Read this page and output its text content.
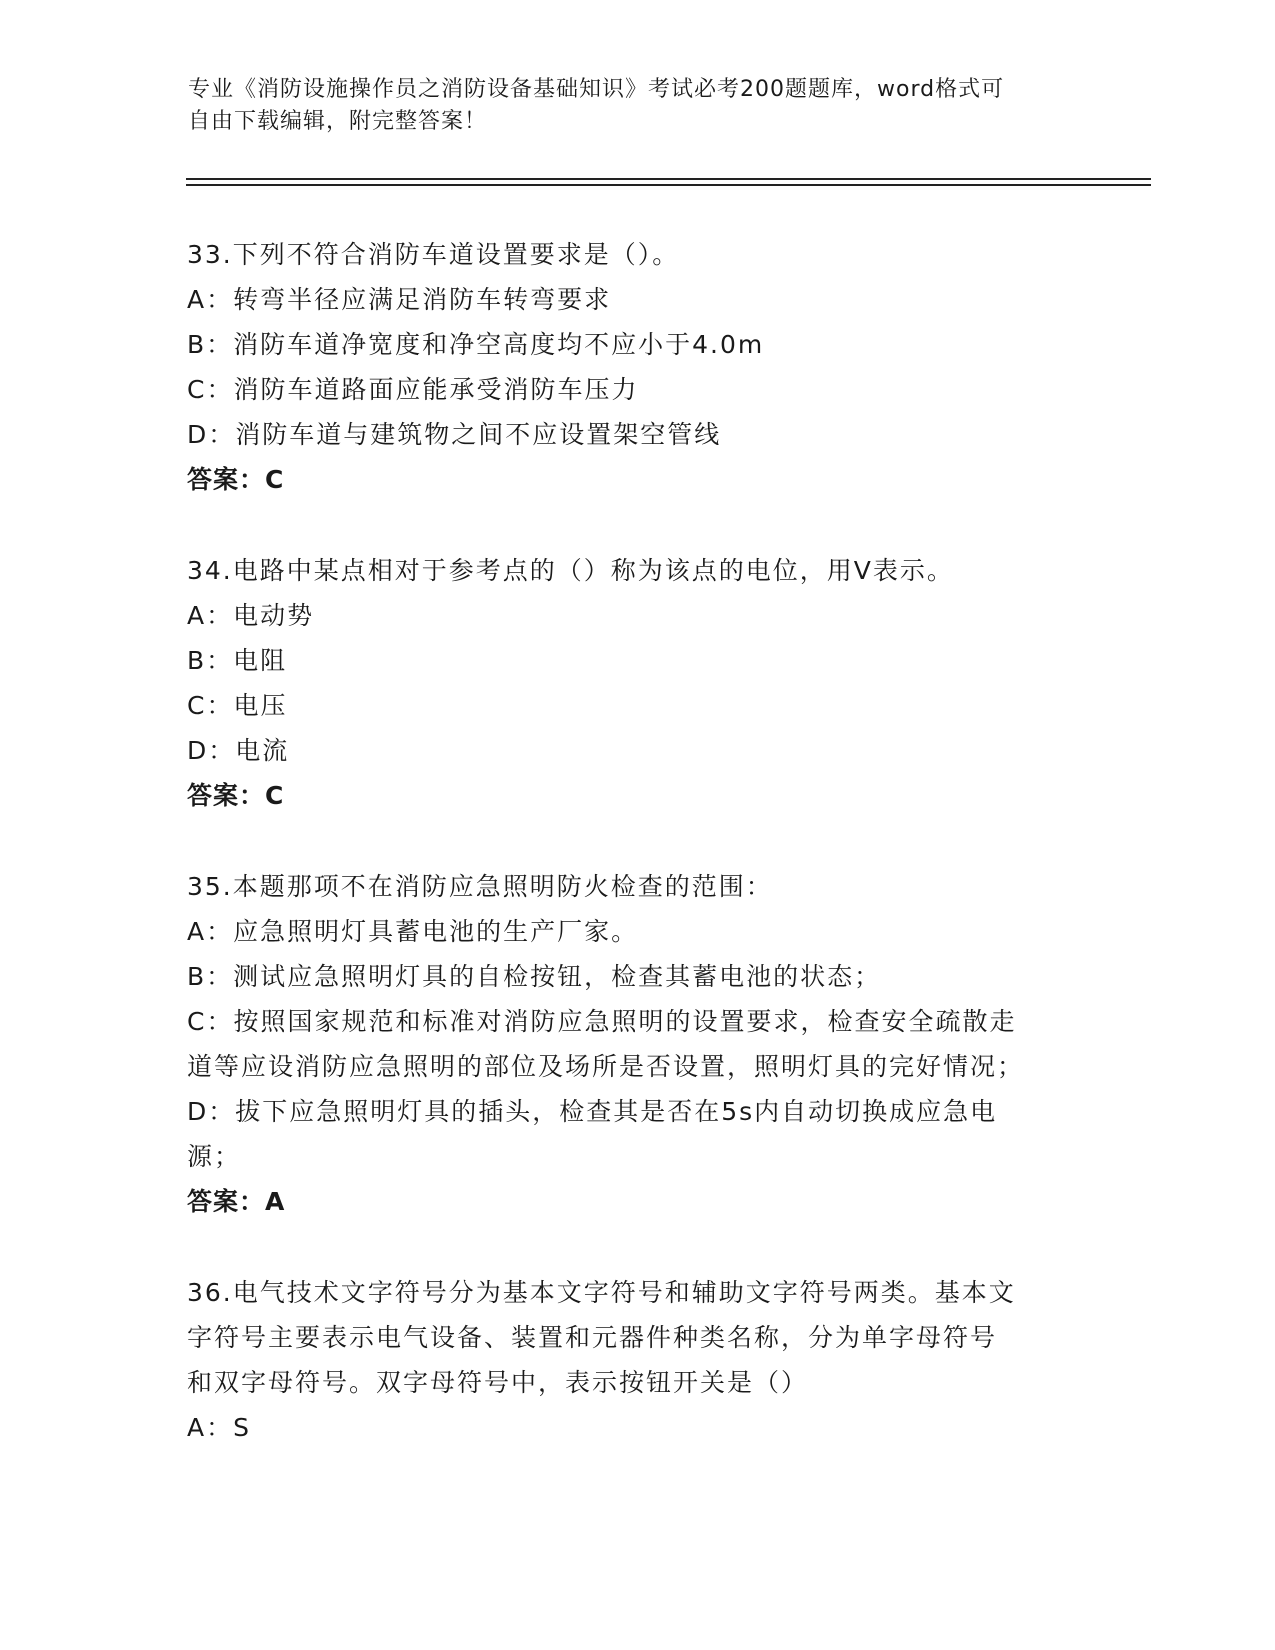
专业《消防设施操作员之消防设备基础知识》考试必考200题题库，word格式可
自由下载编辑，附完整答案！
33.下列不符合消防车道设置要求是（）。
A：转弯半径应满足消防车转弯要求
B：消防车道净宽度和净空高度均不应小于4.0m
C：消防车道路面应能承受消防车压力
D：消防车道与建筑物之间不应设置架空管线
答案：C
34.电路中某点相对于参考点的（）称为该点的电位，用V表示。
A：电动势
B：电阻
C：电压
D：电流
答案：C
35.本题那项不在消防应急照明防火检查的范围：
A：应急照明灯具蓄电池的生产厂家。
B：测试应急照明灯具的自检按钮，检查其蓄电池的状态；
C：按照国家规范和标准对消防应急照明的设置要求，检查安全疏散走
道等应设消防应急照明的部位及场所是否设置，照明灯具的完好情况；
D：拔下应急照明灯具的插头，检查其是否在5s内自动切换成应急电
源；
答案：A
36.电气技术文字符号分为基本文字符号和辅助文字符号两类。基本文
字符号主要表示电气设备、装置和元器件种类名称，分为单字母符号
和双字母符号。双字母符号中，表示按钮开关是（）
A：S
